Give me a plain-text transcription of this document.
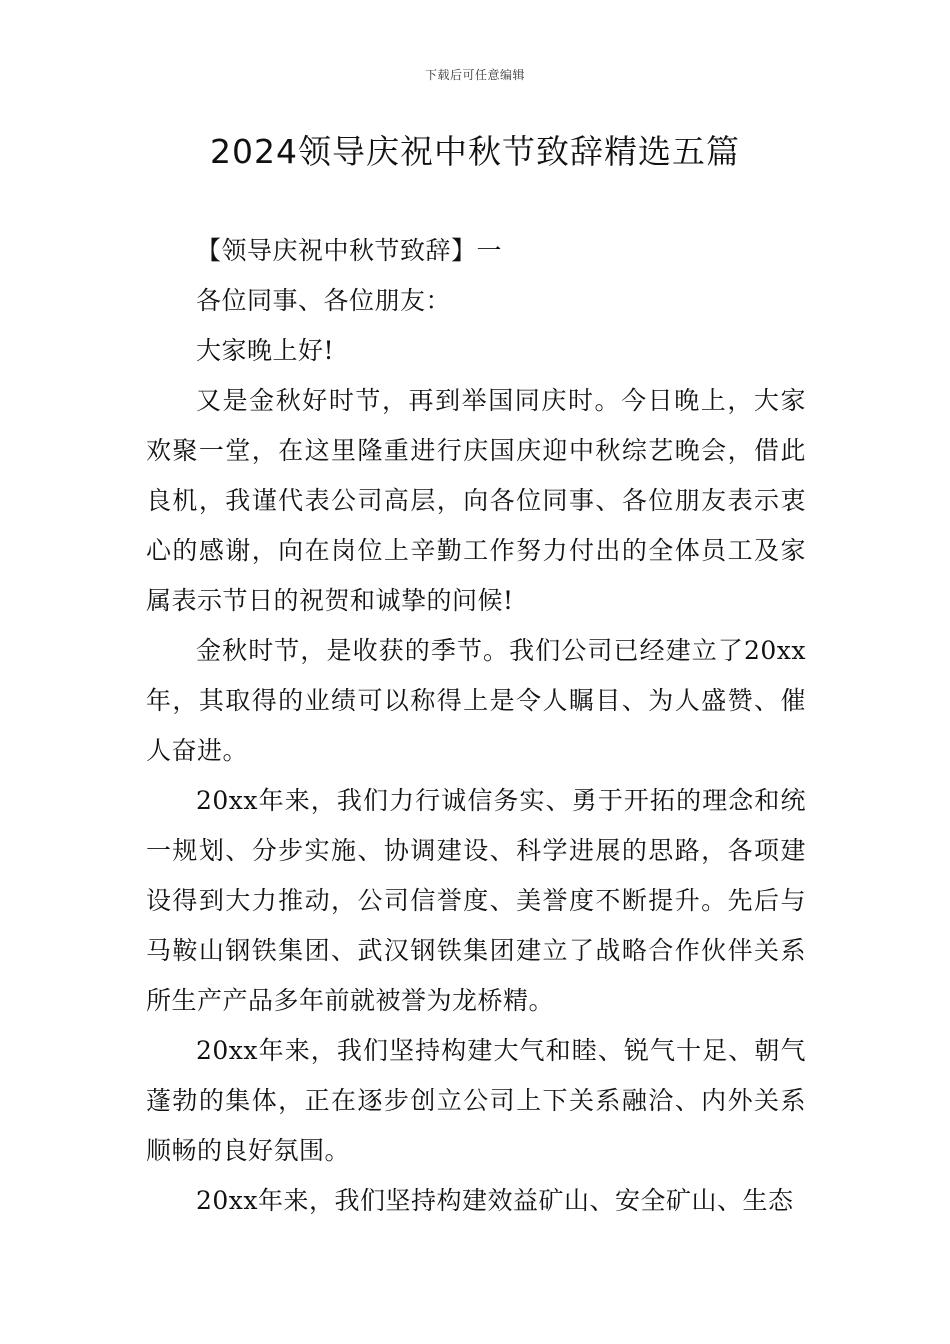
下载后可任意编辑
2024领导庆祝中秋节致辞精选五篇

【领导庆祝中秋节致辞】一

各位同事、各位朋友：

大家晚上好!

又是金秋好时节，再到举国同庆时。今日晚上，大家欢聚一堂，在这里隆重进行庆国庆迎中秋综艺晚会，借此良机，我谨代表公司高层，向各位同事、各位朋友表示衷心的感谢，向在岗位上辛勤工作努力付出的全体员工及家属表示节日的祝贺和诚挚的问候!

金秋时节，是收获的季节。我们公司已经建立了20xx年，其取得的业绩可以称得上是令人瞩目、为人盛赞、催人奋进。

20xx年来，我们力行诚信务实、勇于开拓的理念和统一规划、分步实施、协调建设、科学进展的思路，各项建设得到大力推动，公司信誉度、美誉度不断提升。先后与马鞍山钢铁集团、武汉钢铁集团建立了战略合作伙伴关系所生产产品多年前就被誉为龙桥精。

20xx年来，我们坚持构建大气和睦、锐气十足、朝气蓬勃的集体，正在逐步创立公司上下关系融洽、内外关系顺畅的良好氛围。

20xx年来，我们坚持构建效益矿山、安全矿山、生态
